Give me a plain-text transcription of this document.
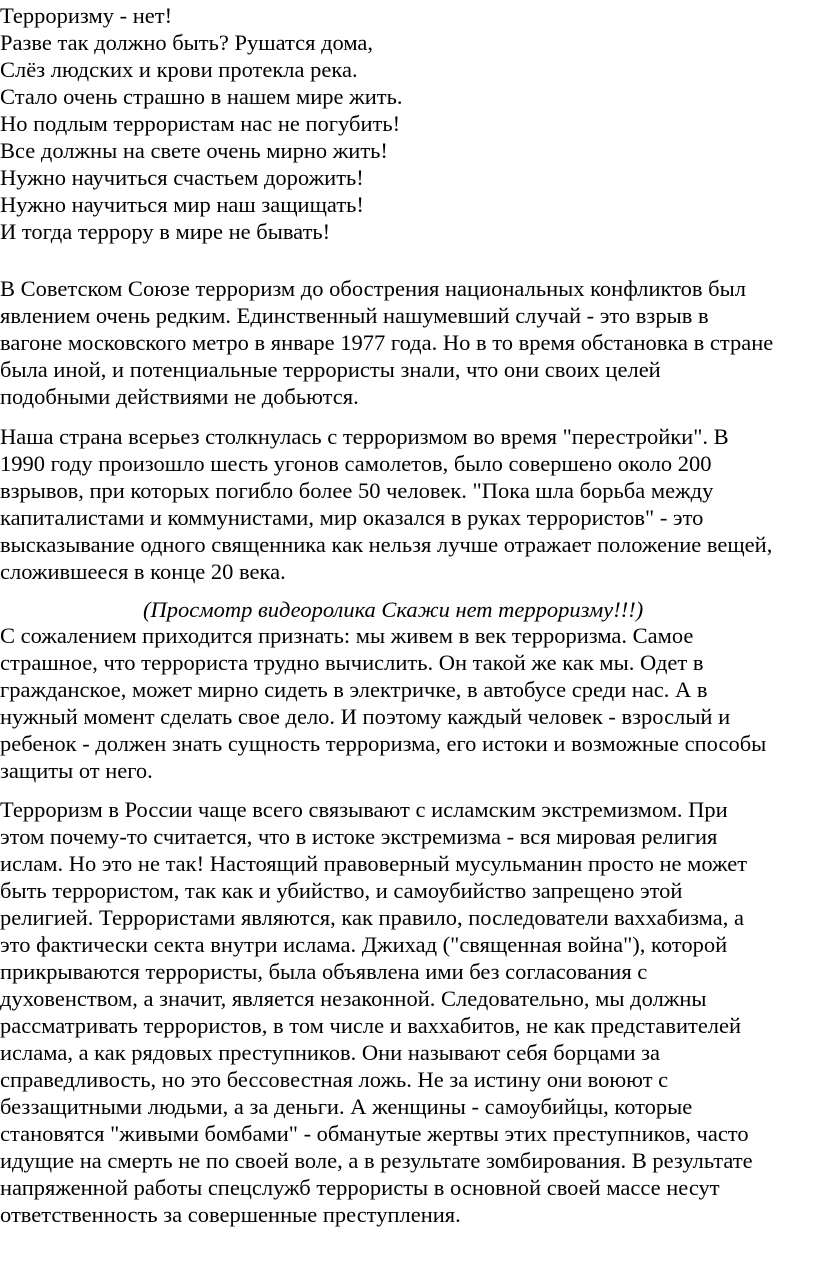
Терроризму - нет!
Разве так должно быть? Рушатся дома,
Слёз людских и крови протекла река.
Стало очень страшно в нашем мире жить.
Но подлым террористам нас не погубить!
Все должны на свете очень мирно жить!
Нужно научиться счастьем дорожить!
Нужно научиться мир наш защищать!
И тогда террору в мире не бывать!
В Советском Союзе терроризм до обострения национальных конфликтов был
явлением очень редким. Единственный нашумевший случай - это взрыв в
вагоне московского метро в январе 1977 года. Но в то время обстановка в стране
была иной, и потенциальные террористы знали, что они своих целей
подобными действиями не добьются.
Наша страна всерьез столкнулась с терроризмом во время "перестройки". В
1990 году произошло шесть угонов самолетов, было совершено около 200
взрывов, при которых погибло более 50 человек. "Пока шла борьба между
капиталистами и коммунистами, мир оказался в руках террористов" - это
высказывание одного священника как нельзя лучше отражает положение вещей,
сложившееся в конце 20 века.
(Просмотр видеоролика Скажи нет терроризму!!!)
С сожалением приходится признать: мы живем в век терроризма. Самое
страшное, что террориста трудно вычислить. Он такой же как мы. Одет в
гражданское, может мирно сидеть в электричке, в автобусе среди нас. А в
нужный момент сделать свое дело. И поэтому каждый человек - взрослый и
ребенок - должен знать сущность терроризма, его истоки и возможные способы
защиты от него.
Терроризм в России чаще всего связывают с исламским экстремизмом. При
этом почему-то считается, что в истоке экстремизма - вся мировая религия
ислам. Но это не так! Настоящий правоверный мусульманин просто не может
быть террористом, так как и убийство, и самоубийство запрещено этой
религией. Террористами являются, как правило, последователи ваххабизма, а
это фактически секта внутри ислама. Джихад ("священная война"), которой
прикрываются террористы, была объявлена ими без согласования с
духовенством, а значит, является незаконной. Следовательно, мы должны
рассматривать террористов, в том числе и ваххабитов, не как представителей
ислама, а как рядовых преступников. Они называют себя борцами за
справедливость, но это бессовестная ложь. Не за истину они воюют с
беззащитными людьми, а за деньги. А женщины - самоубийцы, которые
становятся "живыми бомбами" - обманутые жертвы этих преступников, часто
идущие на смерть не по своей воле, а в результате зомбирования. В результате
напряженной работы спецслужб террористы в основной своей массе несут
ответственность за совершенные преступления.
